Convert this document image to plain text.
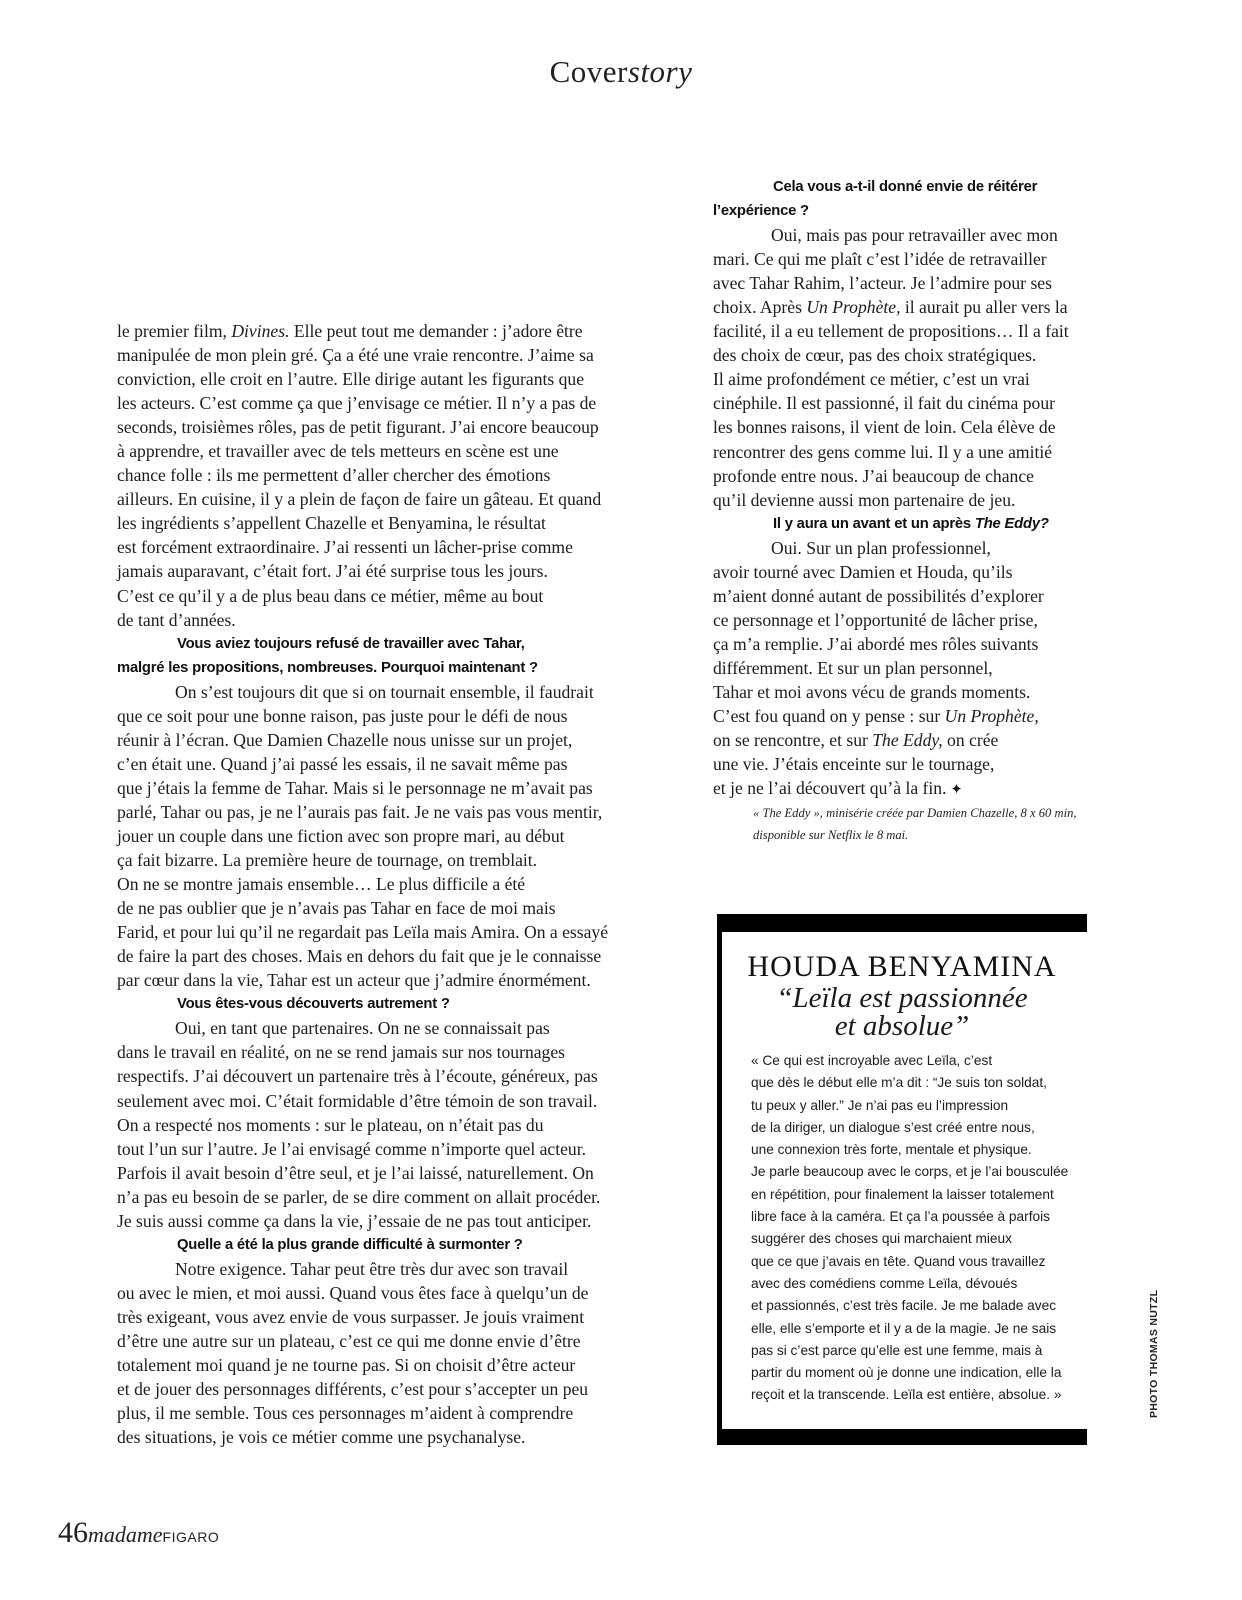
Coverstory

le premier film, Divines. Elle peut tout me demander : j’adore être

manipulée de mon plein gré. Ça a été une vraie rencontre. J’aime sa

conviction, elle croit en l’autre. Elle dirige autant les figurants que

les acteurs. C’est comme ça que j’envisage ce métier. Il n’y a pas de

seconds, troisièmes rôles, pas de petit figurant. J’ai encore beaucoup

à apprendre, et travailler avec de tels metteurs en scène est une

chance folle : ils me permettent d’aller chercher des émotions

ailleurs. En cuisine, il y a plein de façon de faire un gâteau. Et quand

les ingrédients s’appellent Chazelle et Benyamina, le résultat

est forcément extraordinaire. J’ai ressenti un lâcher-prise comme

jamais auparavant, c’était fort. J’ai été surprise tous les jours.

C’est ce qu’il y a de plus beau dans ce métier, même au bout

de tant d’années.

Vous aviez toujours refusé de travailler avec Tahar,

malgré les propositions, nombreuses. Pourquoi maintenant ?

On s’est toujours dit que si on tournait ensemble, il faudrait

que ce soit pour une bonne raison, pas juste pour le défi de nous

réunir à l’écran. Que Damien Chazelle nous unisse sur un projet,

c’en était une. Quand j’ai passé les essais, il ne savait même pas

que j’étais la femme de Tahar. Mais si le personnage ne m’avait pas

parlé, Tahar ou pas, je ne l’aurais pas fait. Je ne vais pas vous mentir,

jouer un couple dans une fiction avec son propre mari, au début

ça fait bizarre. La première heure de tournage, on tremblait.

On ne se montre jamais ensemble… Le plus difficile a été

de ne pas oublier que je n’avais pas Tahar en face de moi mais

Farid, et pour lui qu’il ne regardait pas Leïla mais Amira. On a essayé

de faire la part des choses. Mais en dehors du fait que je le connaisse

par cœur dans la vie, Tahar est un acteur que j’admire énormément.

Vous êtes-vous découverts autrement ?

Oui, en tant que partenaires. On ne se connaissait pas

dans le travail en réalité, on ne se rend jamais sur nos tournages

respectifs. J’ai découvert un partenaire très à l’écoute, généreux, pas

seulement avec moi. C’était formidable d’être témoin de son travail.

On a respecté nos moments : sur le plateau, on n’était pas du

tout l’un sur l’autre. Je l’ai envisagé comme n’importe quel acteur.

Parfois il avait besoin d’être seul, et je l’ai laissé, naturellement. On

n’a pas eu besoin de se parler, de se dire comment on allait procéder.

Je suis aussi comme ça dans la vie, j’essaie de ne pas tout anticiper.

Quelle a été la plus grande difficulté à surmonter ?

Notre exigence. Tahar peut être très dur avec son travail

ou avec le mien, et moi aussi. Quand vous êtes face à quelqu’un de

très exigeant, vous avez envie de vous surpasser. Je jouis vraiment

d’être une autre sur un plateau, c’est ce qui me donne envie d’être

totalement moi quand je ne tourne pas. Si on choisit d’être acteur

et de jouer des personnages différents, c’est pour s’accepter un peu

plus, il me semble. Tous ces personnages m’aident à comprendre

des situations, je vois ce métier comme une psychanalyse.

Cela vous a-t-il donné envie de réitérer

l’expérience ?

Oui, mais pas pour retravailler avec mon

mari. Ce qui me plaît c’est l’idée de retravailler

avec Tahar Rahim, l’acteur. Je l’admire pour ses

choix. Après Un Prophète, il aurait pu aller vers la

facilité, il a eu tellement de propositions… Il a fait

des choix de cœur, pas des choix stratégiques.

Il aime profondément ce métier, c’est un vrai

cinéphile. Il est passionné, il fait du cinéma pour

les bonnes raisons, il vient de loin. Cela élève de

rencontrer des gens comme lui. Il y a une amitié

profonde entre nous. J’ai beaucoup de chance

qu’il devienne aussi mon partenaire de jeu.

Il y aura un avant et un après The Eddy?

Oui. Sur un plan professionnel,

avoir tourné avec Damien et Houda, qu’ils

m’aient donné autant de possibilités d’explorer

ce personnage et l’opportunité de lâcher prise,

ça m’a remplie. J’ai abordé mes rôles suivants

différemment. Et sur un plan personnel,

Tahar et moi avons vécu de grands moments.

C’est fou quand on y pense : sur Un Prophète,

on se rencontre, et sur The Eddy, on crée

une vie. J’étais enceinte sur le tournage,

et je ne l’ai découvert qu’à la fin. ✦

« The Eddy », minisérie créée par Damien Chazelle, 8 x 60 min,

disponible sur Netflix le 8 mai.

HOUDA BENYAMINA
“Leïla est passionnée
et absolue”

« Ce qui est incroyable avec Leïla, c’est

que dès le début elle m’a dit : “Je suis ton soldat,

tu peux y aller.” Je n’ai pas eu l’impression

de la diriger, un dialogue s’est créé entre nous,

une connexion très forte, mentale et physique.

Je parle beaucoup avec le corps, et je l’ai bousculée

en répétition, pour finalement la laisser totalement

libre face à la caméra. Et ça l’a poussée à parfois

suggérer des choses qui marchaient mieux

que ce que j’avais en tête. Quand vous travaillez

avec des comédiens comme Leïla, dévoués

et passionnés, c’est très facile. Je me balade avec

elle, elle s’emporte et il y a de la magie. Je ne sais

pas si c’est parce qu’elle est une femme, mais à

partir du moment où je donne une indication, elle la

reçoit et la transcende. Leïla est entière, absolue. »	PHOTO THOMAS NUTZL
46madameFIGARO
